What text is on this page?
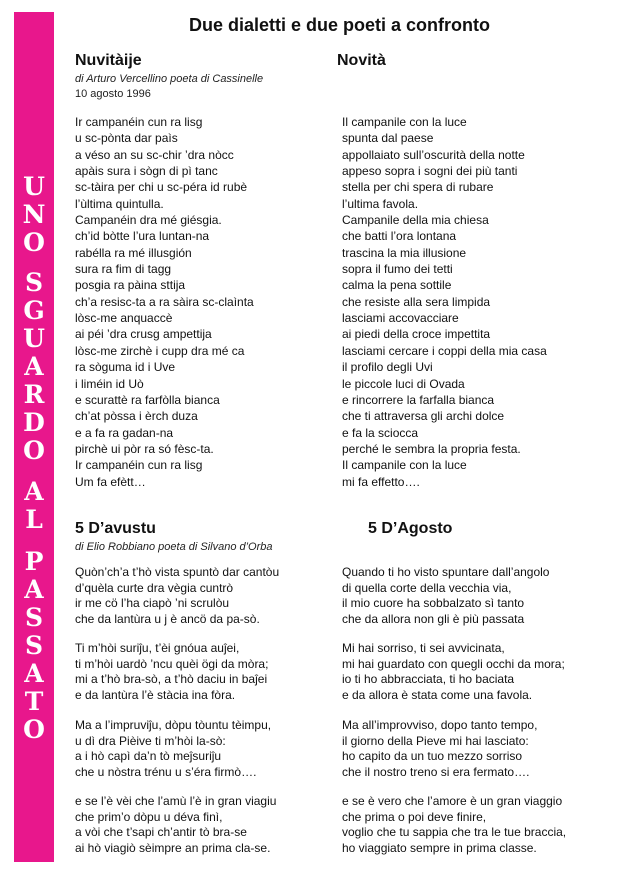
U
N
O
S
G
U
A
R
D
O
A
L
P
A
S
S
A
T
O
Due dialetti e due poeti a confronto
Nuvitàije	Novità
di Arturo Vercellino poeta di Cassinelle
10 agosto 1996
Ir campanéin cun ra lisg
u sc-pònta dar paìs
a véso an su sc-chir ’dra nòcc
apàis sura i sògn di pì tanc
sc-tàira per chi u sc-péra id rubè
l’ùltima quintulla.
Campanéin dra mé giésgia.
ch’id bòtte l’ura luntan-na
rabélla ra mé illusgión
sura ra fim di tagg
posgia ra pàina sttija
ch’a resisc-ta a ra sàira sc-claìnta
lòsc-me anquaccè
ai péi ’dra crusg ampettija
lòsc-me zirchè i cupp dra mé ca
ra sòguma id i Uve
i liméin id Uò
e scurattè ra farfòlla bianca
ch’at pòssa i èrch duza
e a fa ra gadan-na
pirchè ui pòr ra só fèsc-ta.
Ir campanéin cun ra lisg
Um fa efètt…
Il campanile con la luce
spunta dal paese
appollaiato sull’oscurità della notte
appeso sopra i sogni dei più tanti
stella per chi spera di rubare
l’ultima favola.
Campanile della mia chiesa
che batti l’ora lontana
trascina la mia illusione
sopra il fumo dei tetti
calma la pena sottile
che resiste alla sera limpida
lasciami accovacciare
ai piedi della croce impettita
lasciami cercare i coppi della mia casa
il profilo degli Uvi
le piccole luci di Ovada
e rincorrere la farfalla bianca
che ti attraversa gli archi dolce
e fa la sciocca
perché le sembra la propria festa.
Il campanile con la luce
mi fa effetto….
5 D’avustu	5 D’Agosto
di Elio Robbiano poeta di Silvano d’Orba
Quòn’ch’a t’hò vista spuntò dar cantòu
d’quèla curte dra vègia cuntrò
ir me cö l’ha ciapò ’ni scrulòu
che da lantùra u j è ancö da pa-sò.
Ti m’hòi suriĵu, t’èi gnóua auĵei,
ti m’hòi uardò ’ncu quèi ögi da mòra;
mi a t’hò bra-sò, a t’hò daciu in baĵei
e da lantùra l’è stàcia ina fòra.
Ma a l’impruviĵu, dòpu tòuntu tèimpu,
u dì dra Pièive ti m’hòi la-sò:
a i hò capì da’n tò meĵsuriĵu
che u nòstra trénu u s’éra firmò….
e se l’è vèi che l’amù l’è in gran viagiu
che prim’o dòpu u déva finì,
a vòi che t’sapi ch’antir tò bra-se
ai hò viagiò sèimpre an prima cla-se.
Quando ti ho visto spuntare dall’angolo
di quella corte della vecchia via,
il mio cuore ha sobbalzato sì tanto
che da allora non gli è più passata
Mi hai sorriso, ti sei avvicinata,
mi hai guardato con quegli occhi da mora;
io ti ho abbracciata, ti ho baciata
e da allora è stata come una favola.
Ma all’improvviso, dopo tanto tempo,
il giorno della Pieve mi hai lasciato:
ho capito da un tuo mezzo sorriso
che il nostro treno si era fermato….
e se è vero che l’amore è un gran viaggio
che prima o poi deve finire,
voglio che tu sappia che tra le tue braccia,
ho viaggiato sempre in prima classe.
